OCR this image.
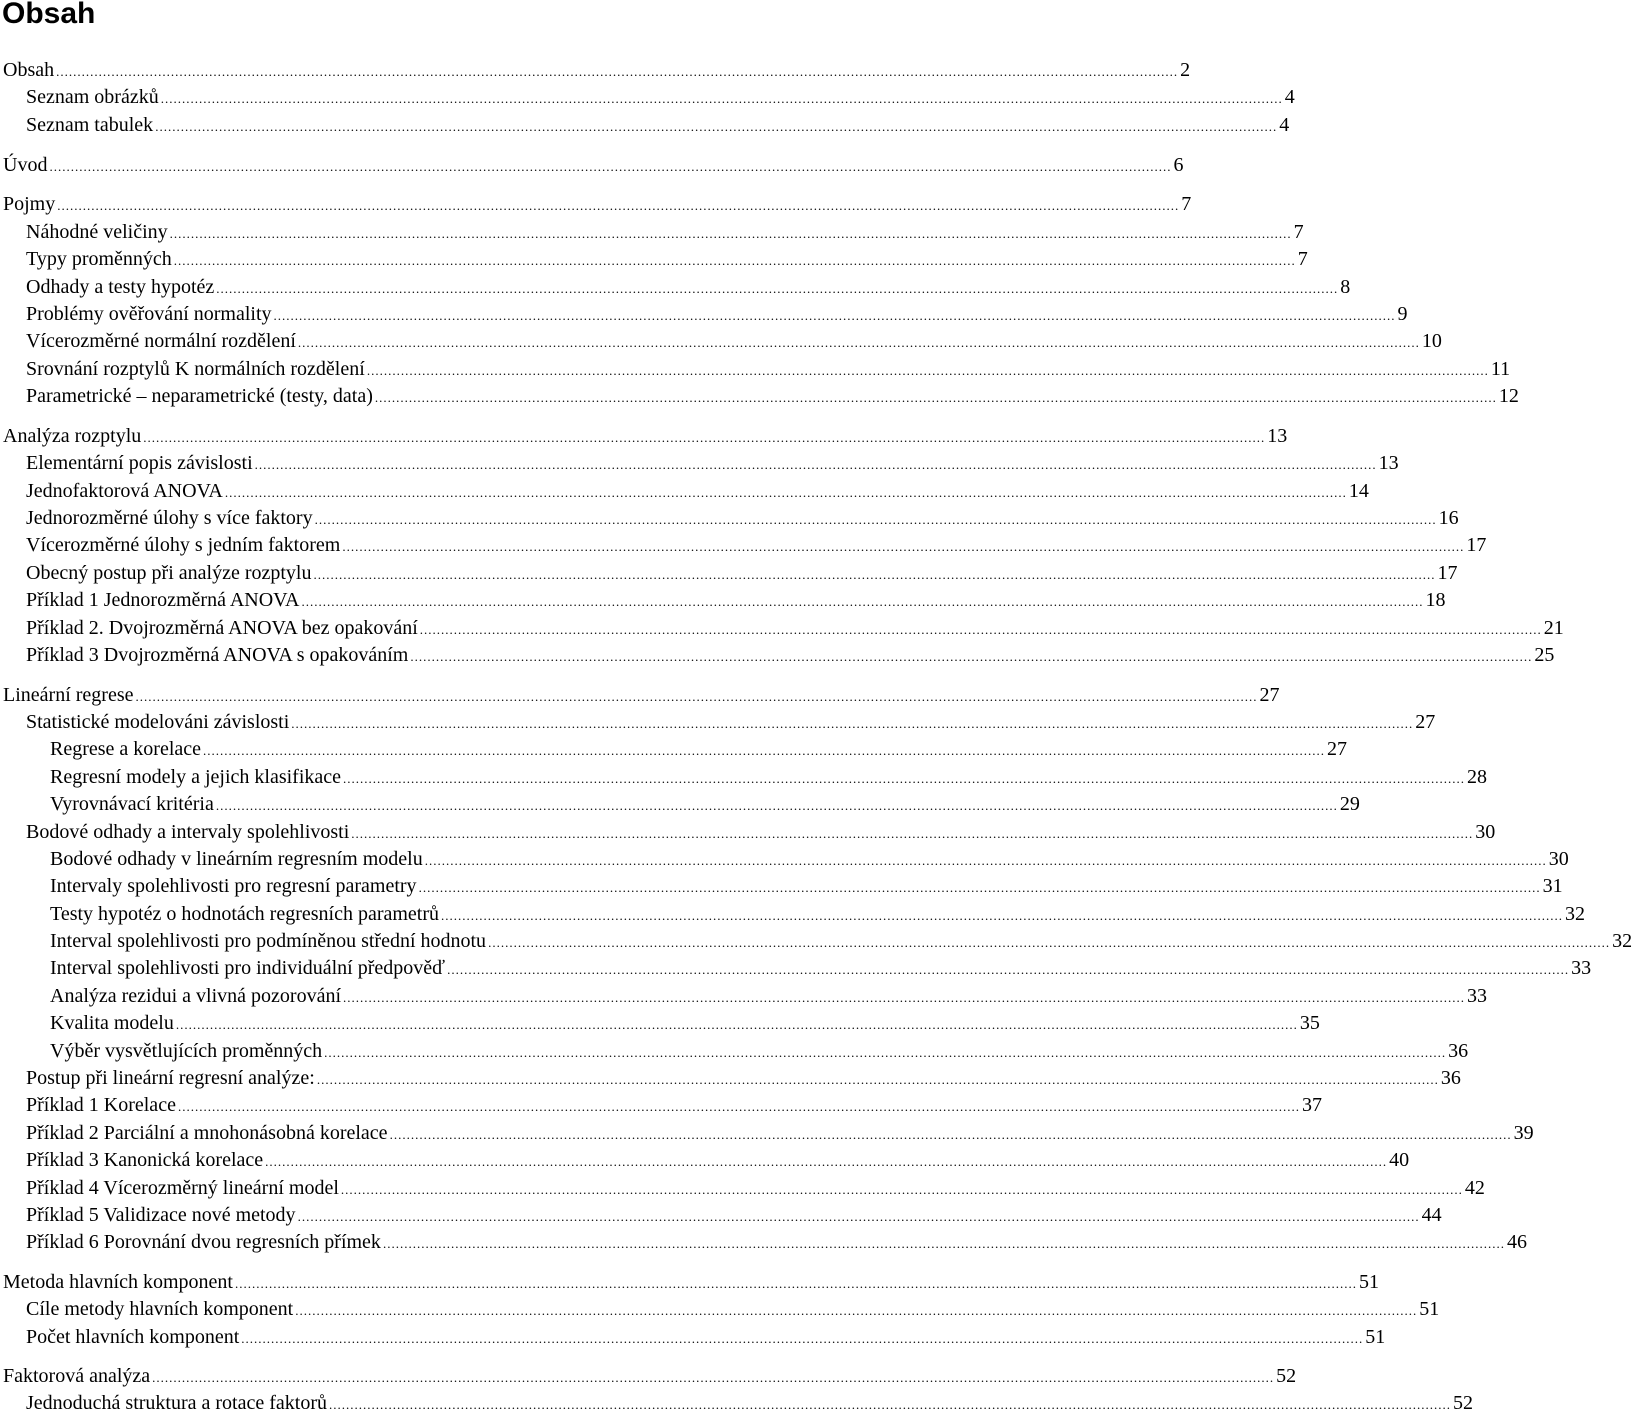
Obsah
Obsah .....	2
Seznam obrázků .....	4
Seznam tabulek .....	4
Úvod .....	6
Pojmy .....	7
Náhodné veličiny .....	7
Typy proměnných .....	7
Odhady a testy hypotéz .....	8
Problémy ověřování normality .....	9
Vícerozměrné normální rozdělení .....	10
Srovnání rozptylů K normálních rozdělení .....	11
Parametrické – neparametrické (testy, data) .....	12
Analýza rozptylu .....	13
Elementární popis závislosti .....	13
Jednofaktorová ANOVA .....	14
Jednorozměrné úlohy s více faktory .....	16
Vícerozměrné úlohy s jedním faktorem .....	17
Obecný postup při analýze rozptylu .....	17
Příklad 1 Jednorozměrná ANOVA .....	18
Příklad 2. Dvojrozměrná ANOVA bez opakování .....	21
Příklad 3 Dvojrozměrná ANOVA s opakováním .....	25
Lineární regrese .....	27
Statistické modelováni závislosti .....	27
Regrese a korelace .....	27
Regresní modely a jejich klasifikace .....	28
Vyrovnávací kritéria .....	29
Bodové odhady a intervaly spolehlivosti .....	30
Bodové odhady v lineárním regresním modelu .....	30
Intervaly spolehlivosti pro regresní parametry .....	31
Testy hypotéz o hodnotách regresních parametrů .....	32
Interval spolehlivosti pro podmíněnou střední hodnotu .....	32
Interval spolehlivosti pro individuální předpověď .....	33
Analýza rezidui a vlivná pozorování .....	33
Kvalita modelu .....	35
Výběr vysvětlujících proměnných .....	36
Postup při lineární regresní analýze: .....	36
Příklad 1 Korelace .....	37
Příklad 2 Parciální a mnohonásobná korelace .....	39
Příklad 3 Kanonická korelace .....	40
Příklad 4 Vícerozměrný lineární model .....	42
Příklad 5 Validizace nové metody .....	44
Příklad 6 Porovnání dvou regresních přímek .....	46
Metoda hlavních komponent .....	51
Cíle metody hlavních komponent .....	51
Počet hlavních komponent .....	51
Faktorová analýza .....	52
Jednoduchá struktura a rotace faktorů .....	52
